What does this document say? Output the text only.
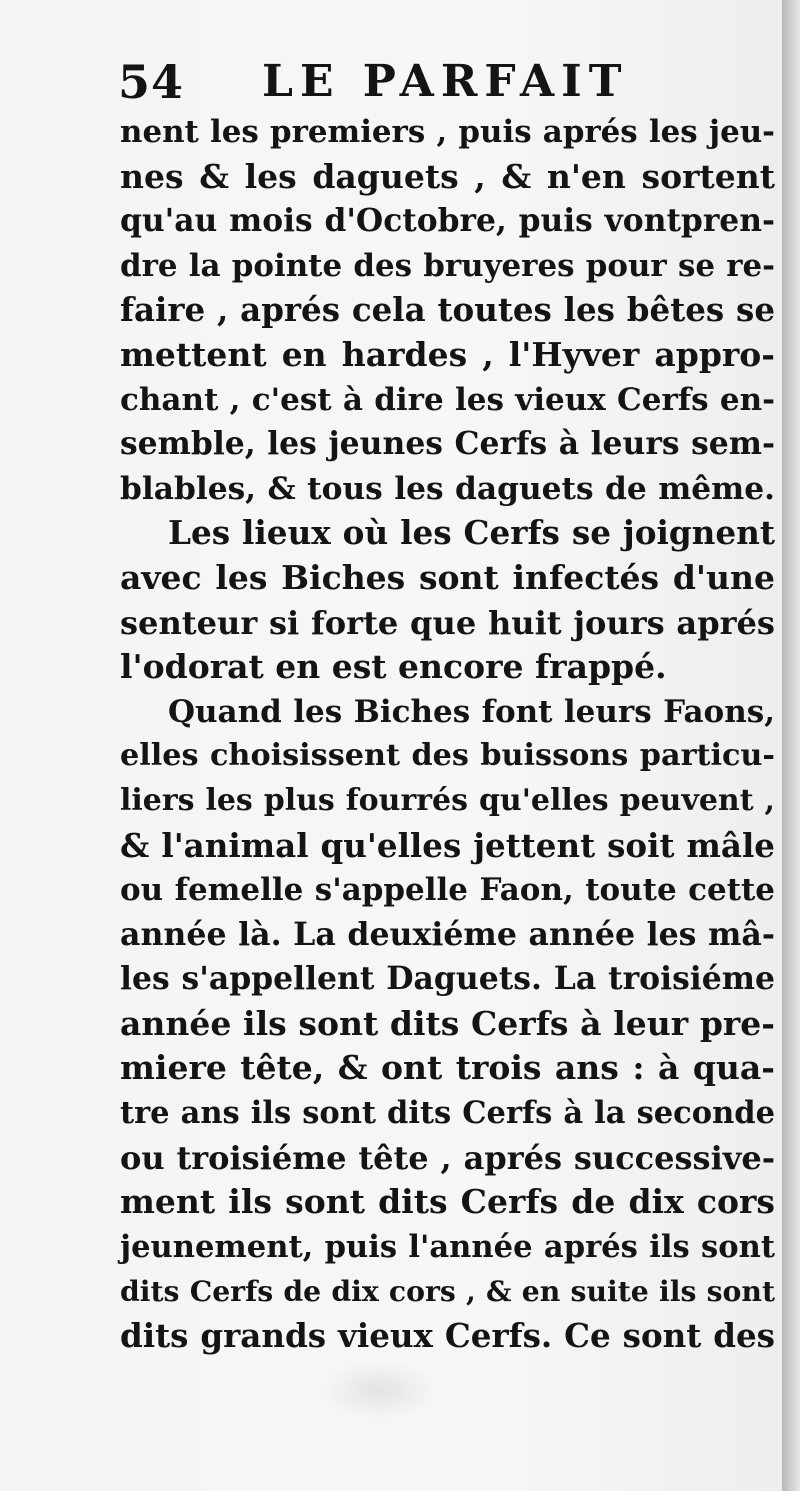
54 LE PARFAIT
nent les premiers , puis aprés les jeu-
nes & les daguets , & n'en sortent
qu'au mois d'Octobre, puis vontpren-
dre la pointe des bruyeres pour se re-
faire , aprés cela toutes les bêtes se
mettent en hardes , l'Hyver appro-
chant , c'est à dire les vieux Cerfs en-
semble, les jeunes Cerfs à leurs sem-
blables, & tous les daguets de même.
Les lieux où les Cerfs se joignent
avec les Biches sont infectés d'une
senteur si forte que huit jours aprés
l'odorat en est encore frappé.
Quand les Biches font leurs Faons,
elles choisissent des buissons particu-
liers les plus fourrés qu'elles peuvent ,
& l'animal qu'elles jettent soit mâle
ou femelle s'appelle Faon, toute cette
année là. La deuxiéme année les mâ-
les s'appellent Daguets. La troisiéme
année ils sont dits Cerfs à leur pre-
miere tête, & ont trois ans : à qua-
tre ans ils sont dits Cerfs à la seconde
ou troisiéme tête , aprés successive-
ment ils sont dits Cerfs de dix cors
jeunement, puis l'année aprés ils sont
dits Cerfs de dix cors , & en suite ils sont
dits grands vieux Cerfs. Ce sont des
